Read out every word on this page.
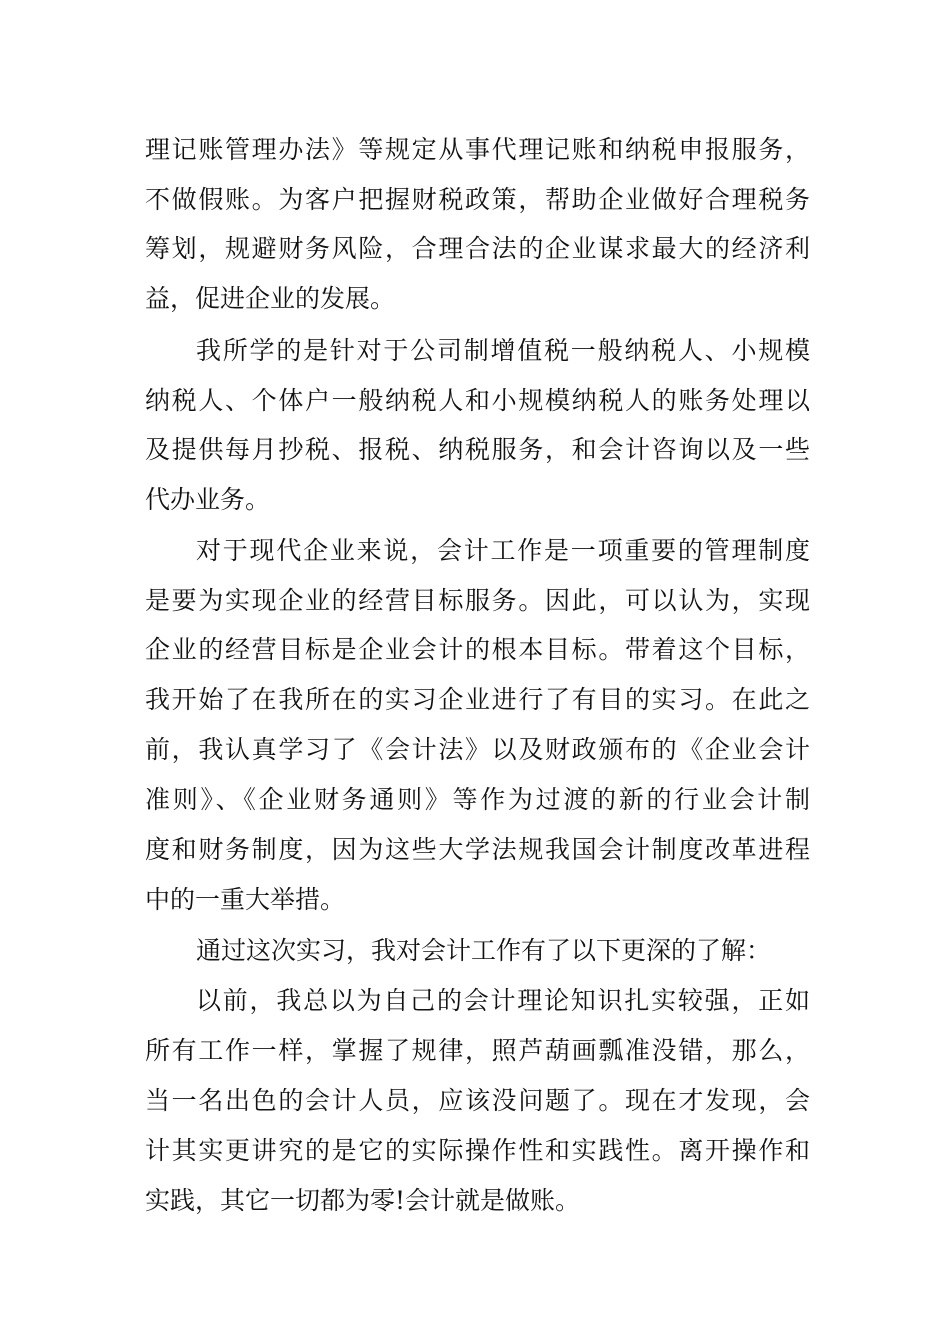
理记账管理办法》等规定从事代理记账和纳税申报服务，
不做假账。为客户把握财税政策，帮助企业做好合理税务
筹划，规避财务风险，合理合法的企业谋求最大的经济利
益，促进企业的发展。
我所学的是针对于公司制增值税一般纳税人、小规模
纳税人、个体户一般纳税人和小规模纳税人的账务处理以
及提供每月抄税、报税、纳税服务，和会计咨询以及一些
代办业务。
对于现代企业来说，会计工作是一项重要的管理制度
是要为实现企业的经营目标服务。因此，可以认为，实现
企业的经营目标是企业会计的根本目标。带着这个目标，
我开始了在我所在的实习企业进行了有目的实习。在此之
前，我认真学习了《会计法》以及财政颁布的《企业会计
准则》、《企业财务通则》等作为过渡的新的行业会计制
度和财务制度，因为这些大学法规我国会计制度改革进程
中的一重大举措。
通过这次实习，我对会计工作有了以下更深的了解：
以前，我总以为自己的会计理论知识扎实较强，正如
所有工作一样，掌握了规律，照芦葫画瓢准没错，那么，
当一名出色的会计人员，应该没问题了。现在才发现，会
计其实更讲究的是它的实际操作性和实践性。离开操作和
实践，其它一切都为零!会计就是做账。
